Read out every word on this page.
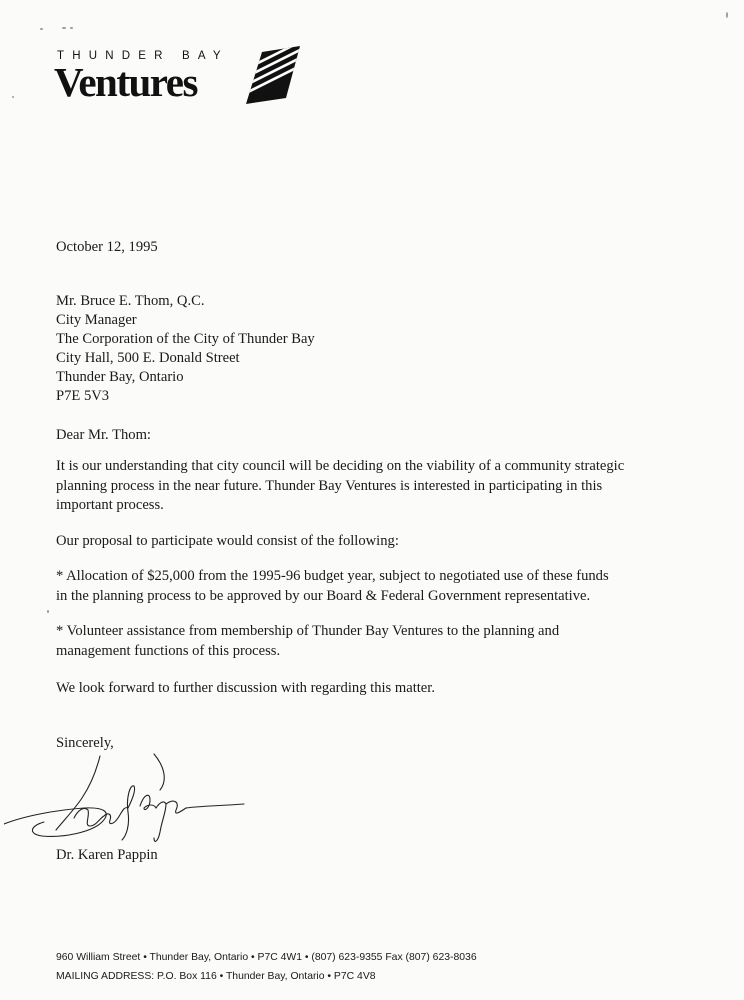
THUNDER BAY
Ventures
October 12, 1995
Mr. Bruce E. Thom, Q.C.
City Manager
The Corporation of the City of Thunder Bay
City Hall, 500 E. Donald Street
Thunder Bay, Ontario
P7E 5V3
Dear Mr. Thom:
It is our understanding that city council will be deciding on the viability of a community strategic
planning process in the near future. Thunder Bay Ventures is interested in participating in this
important process.
Our proposal to participate would consist of the following:
* Allocation of $25,000 from the 1995-96 budget year, subject to negotiated use of these funds
in the planning process to be approved by our Board & Federal Government representative.
* Volunteer assistance from membership of Thunder Bay Ventures to the planning and
management functions of this process.
We look forward to further discussion with regarding this matter.
Sincerely,
Dr. Karen Pappin
960 William Street • Thunder Bay, Ontario • P7C 4W1 • (807) 623-9355 Fax (807) 623-8036
MAILING ADDRESS: P.O. Box 116 • Thunder Bay, Ontario • P7C 4V8
